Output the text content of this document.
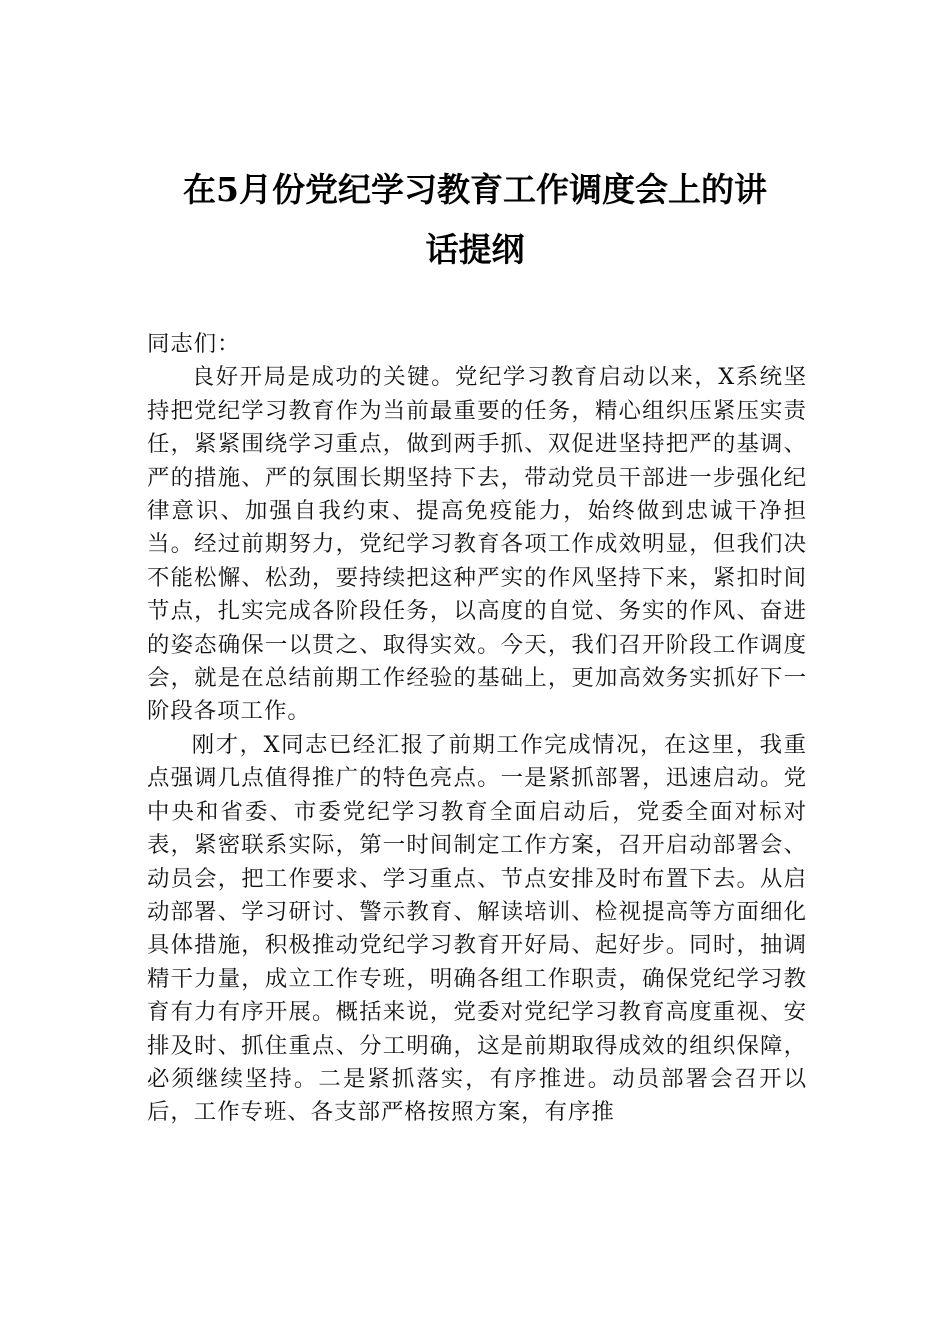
在5月份党纪学习教育工作调度会上的讲
话提纲

同志们：

良好开局是成功的关键。党纪学习教育启动以来，X系统坚持把党纪学习教育作为当前最重要的任务，精心组织压紧压实责任，紧紧围绕学习重点，做到两手抓、双促进坚持把严的基调、严的措施、严的氛围长期坚持下去，带动党员干部进一步强化纪律意识、加强自我约束、提高免疫能力，始终做到忠诚干净担当。经过前期努力，党纪学习教育各项工作成效明显，但我们决不能松懈、松劲，要持续把这种严实的作风坚持下来，紧扣时间节点，扎实完成各阶段任务，以高度的自觉、务实的作风、奋进的姿态确保一以贯之、取得实效。今天，我们召开阶段工作调度会，就是在总结前期工作经验的基础上，更加高效务实抓好下一阶段各项工作。

刚才，X同志已经汇报了前期工作完成情况，在这里，我重点强调几点值得推广的特色亮点。一是紧抓部署，迅速启动。党中央和省委、市委党纪学习教育全面启动后，党委全面对标对表，紧密联系实际，第一时间制定工作方案，召开启动部署会、动员会，把工作要求、学习重点、节点安排及时布置下去。从启动部署、学习研讨、警示教育、解读培训、检视提高等方面细化具体措施，积极推动党纪学习教育开好局、起好步。同时，抽调精干力量，成立工作专班，明确各组工作职责，确保党纪学习教育有力有序开展。概括来说，党委对党纪学习教育高度重视、安排及时、抓住重点、分工明确，这是前期取得成效的组织保障，必须继续坚持。二是紧抓落实，有序推进。动员部署会召开以后，工作专班、各支部严格按照方案，有序推
